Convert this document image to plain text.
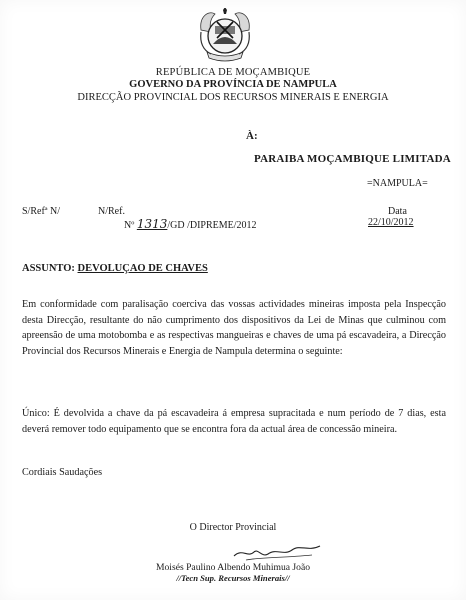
REPÚBLICA DE MOÇAMBIQUE
GOVERNO DA PROVÍNCIA DE NAMPULA
DIRECÇÃO PROVINCIAL DOS RECURSOS MINERAIS E ENERGIA
À:
PARAIBA MOÇAMBIQUE LIMITADA
=NAMPULA=
S/Refª N/	N/Ref.	Data
Nº 1313/GD /DIPREME/2012	22/10/2012
ASSUNTO: DEVOLUÇAO DE CHAVES
Em conformidade com paralisação coerciva das vossas actividades mineiras imposta pela Inspecção desta Direcção, resultante do não cumprimento dos dispositivos da Lei de Minas que culminou com apreensão de uma motobomba e as respectivas mangueiras e chaves de uma pá escavadeira, a Direcção Provincial dos Recursos Minerais e Energia de Nampula determina o seguinte:
Único: É devolvida a chave da pá escavadeira á empresa supracitada e num período de 7 dias, esta deverá remover todo equipamento que se encontra fora da actual área de concessão mineira.
Cordiais Saudações
O Director Provincial
Moisés Paulino Albendo Muhimua João
//Tecn Sup. Recursos Minerais//
